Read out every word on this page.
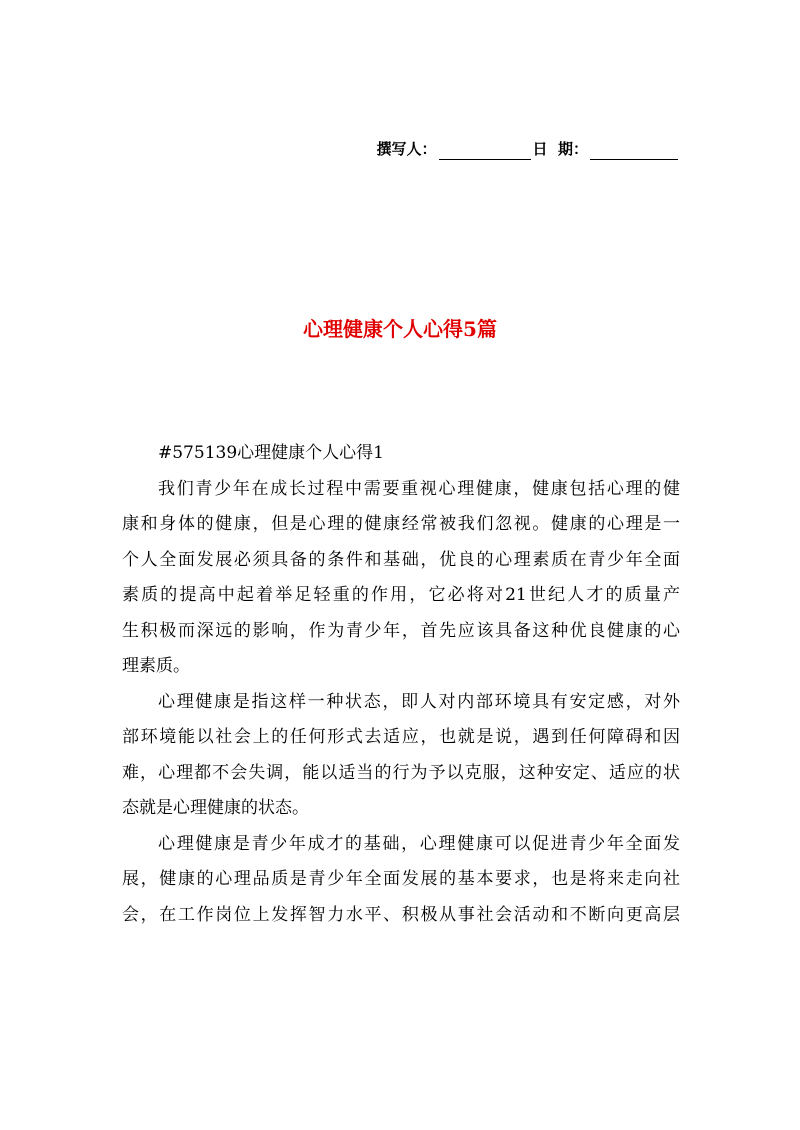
撰写人：	日  期：
心理健康个人心得5篇
#575139心理健康个人心得1
我们青少年在成长过程中需要重视心理健康，健康包括心理的健
康和身体的健康，但是心理的健康经常被我们忽视。健康的心理是一
个人全面发展必须具备的条件和基础，优良的心理素质在青少年全面
素质的提高中起着举足轻重的作用，它必将对21世纪人才的质量产
生积极而深远的影响，作为青少年，首先应该具备这种优良健康的心
理素质。
心理健康是指这样一种状态，即人对内部环境具有安定感，对外
部环境能以社会上的任何形式去适应，也就是说，遇到任何障碍和因
难，心理都不会失调，能以适当的行为予以克服，这种安定、适应的状
态就是心理健康的状态。
心理健康是青少年成才的基础，心理健康可以促进青少年全面发
展，健康的心理品质是青少年全面发展的基本要求，也是将来走向社
会，在工作岗位上发挥智力水平、积极从事社会活动和不断向更高层
